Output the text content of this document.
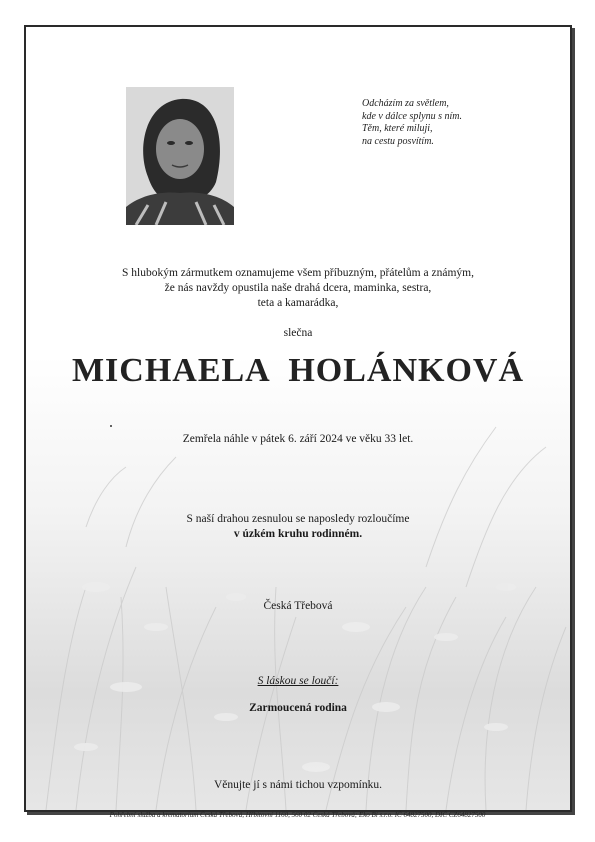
Odcházím za světlem,
kde v dálce splynu s ním.
Těm, které miluji,
na cestu posvítím.
S hlubokým zármutkem oznamujeme všem příbuzným, přátelům a známým,
že nás navždy opustila naše drahá dcera, maminka, sestra,
teta a kamarádka,
slečna
MICHAELA HOLÁNKOVÁ
Zemřela náhle v pátek 6. září 2024 ve věku 33 let.
S naší drahou zesnulou se naposledy rozloučíme
v úzkém kruhu rodinném.
Česká Třebová
S láskou se loučí:
Zarmoucená rodina
Věnujte jí s námi tichou vzpomínku.
Pohřební služba a krematorium Česká Třebová, Hřbitovní 1160, 560 02 Česká Třebová; Eko Bi s.r.o. IČ 64827500, DIČ CZ64827500
